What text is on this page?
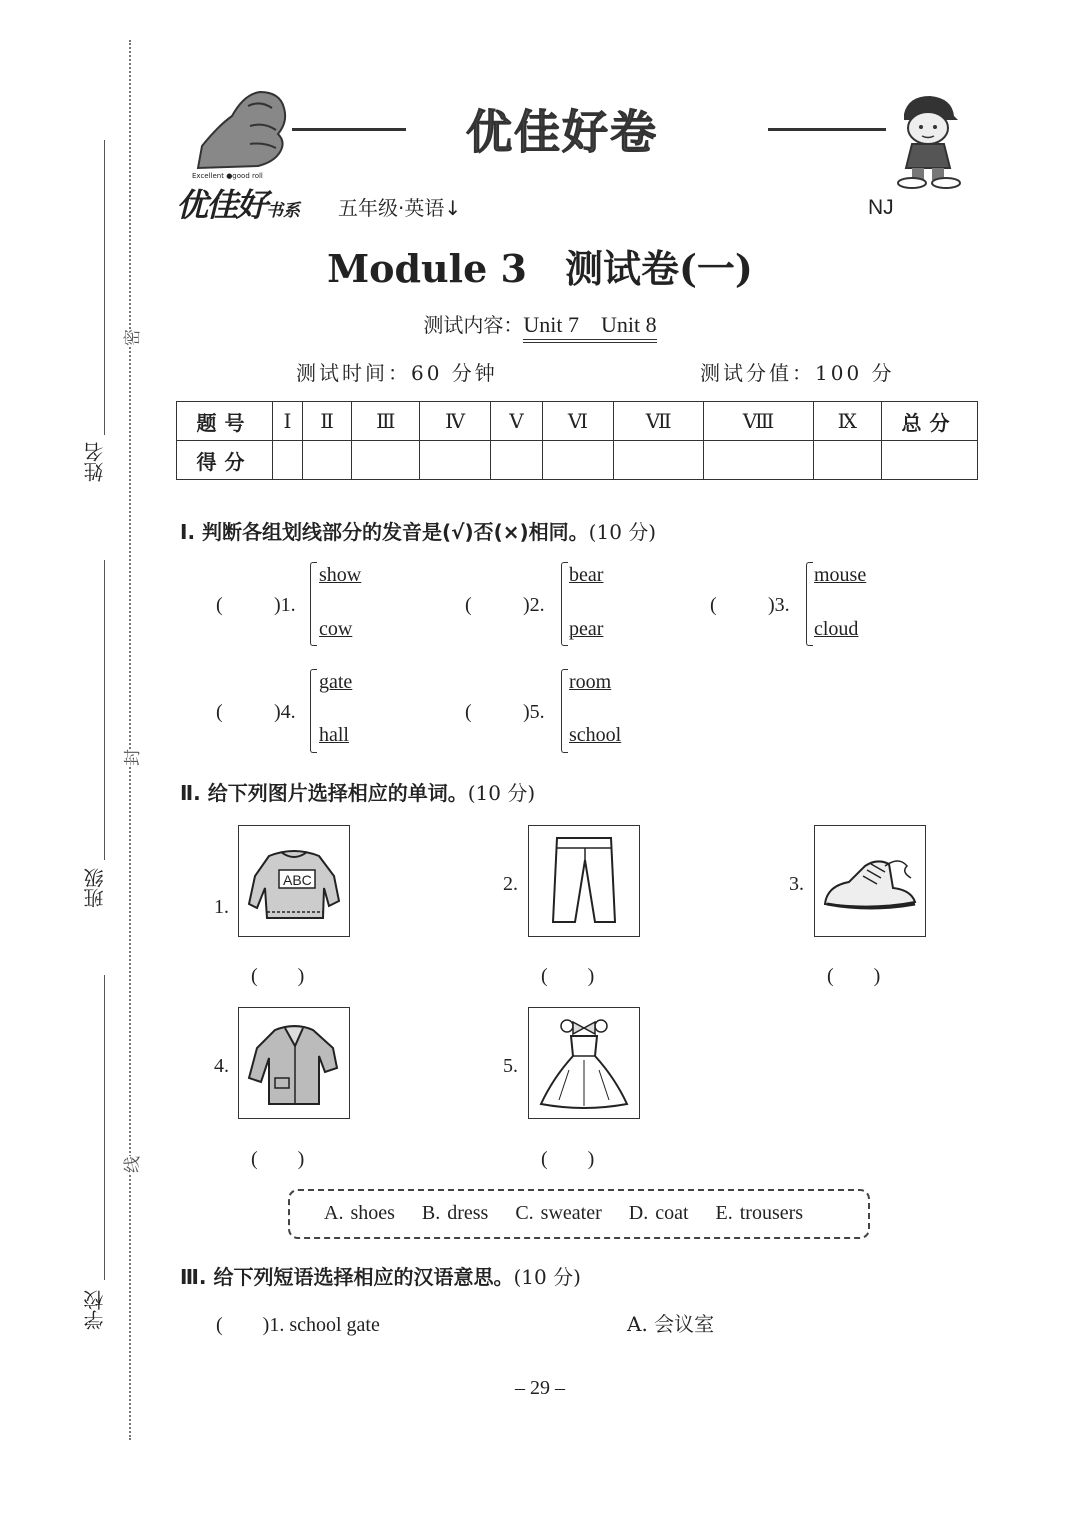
姓名
班级
学校
密
封
线
Excellent ●good roll
优佳好卷
优佳好书系 五年级·英语↓	NJ
Module 3　测试卷(一)
测试内容：Unit 7　Unit 8
测试时间：60 分钟	测试分值：100 分
题号	Ⅰ	Ⅱ	Ⅲ	Ⅳ	Ⅴ	Ⅵ	Ⅶ	Ⅷ	Ⅸ	总分
得分										
Ⅰ. 判断各组划线部分的发音是(√)否(×)相同。(10 分)
(	)1.
show
cow
(	)2.
bear
pear
(	)3.
mouse
cloud
(	)4.
gate
hall
(	)5.
room
school
Ⅱ. 给下列图片选择相应的单词。(10 分)
1.
ABC
(　　)
2.
(　　)
3.
(　　)
4.
(　　)
5.
(　　)
A. shoes B. dress C. sweater D. coat E. trousers
Ⅲ. 给下列短语选择相应的汉语意思。(10 分)
(　　)1. school gate	A. 会议室
– 29 –
